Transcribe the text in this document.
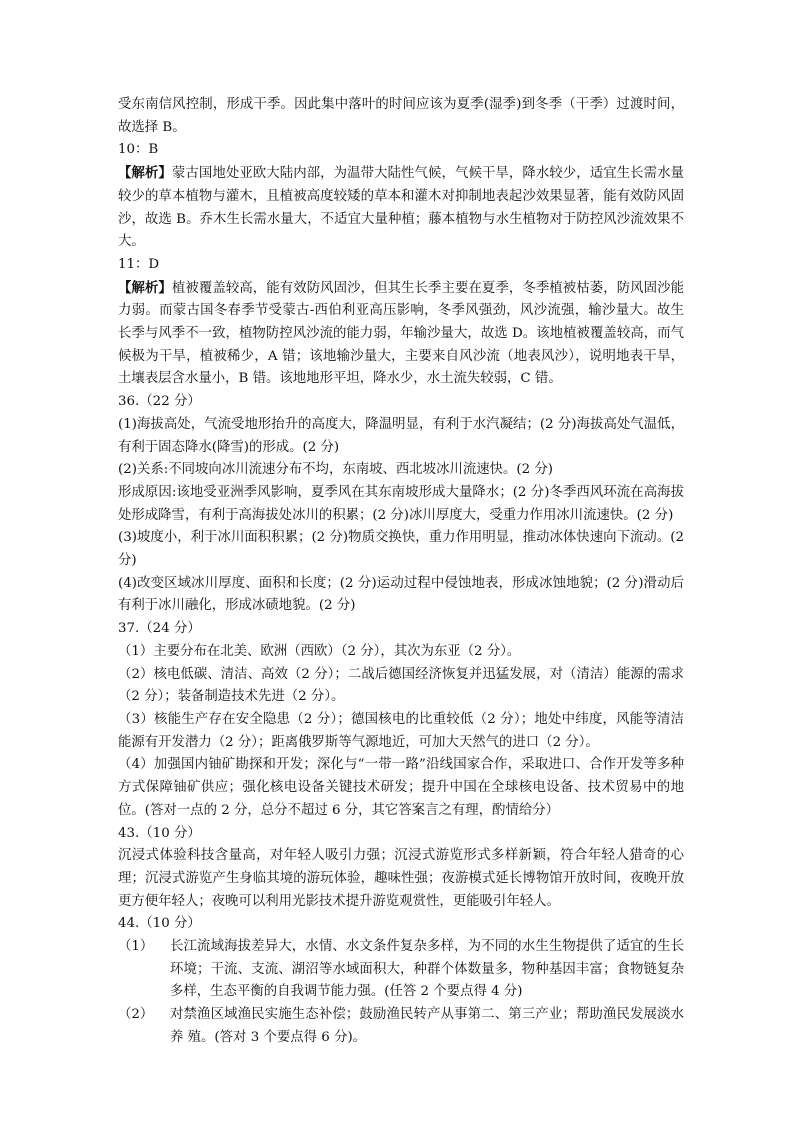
受东南信风控制，形成干季。因此集中落叶的时间应该为夏季(湿季)到冬季（干季）过渡时间，故选择 B。

10：B

【解析】蒙古国地处亚欧大陆内部，为温带大陆性气候，气候干旱，降水较少，适宜生长需水量较少的草本植物与灌木，且植被高度较矮的草本和灌木对抑制地表起沙效果显著，能有效防风固沙，故选 B。乔木生长需水量大，不适宜大量种植；藤本植物与水生植物对于防控风沙流效果不大。

11：D

【解析】植被覆盖较高，能有效防风固沙，但其生长季主要在夏季，冬季植被枯萎，防风固沙能力弱。而蒙古国冬春季节受蒙古-西伯利亚高压影响，冬季风强劲，风沙流强，输沙量大。故生长季与风季不一致，植物防控风沙流的能力弱，年输沙量大，故选 D。该地植被覆盖较高，而气候极为干旱，植被稀少，A 错；该地输沙量大，主要来自风沙流（地表风沙），说明地表干旱，土壤表层含水量小，B 错。该地地形平坦，降水少，水土流失较弱，C 错。

36.（22 分）

(1)海拔高处，气流受地形抬升的高度大，降温明显，有利于水汽凝结；(2 分)海拔高处气温低，有利于固态降水(降雪)的形成。(2 分)

(2)关系:不同坡向冰川流速分布不均，东南坡、西北坡冰川流速快。(2 分)

形成原因:该地受亚洲季风影响，夏季风在其东南坡形成大量降水；(2 分)冬季西风环流在高海拔处形成降雪，有利于高海拔处冰川的积累；(2 分)冰川厚度大，受重力作用冰川流速快。(2 分)

(3)坡度小，利于冰川面积积累；(2 分)物质交换快，重力作用明显，推动冰体快速向下流动。(2 分)

(4)改变区域冰川厚度、面积和长度；(2 分)运动过程中侵蚀地表，形成冰蚀地貌；(2 分)滑动后有利于冰川融化，形成冰碛地貌。(2 分)

37.（24 分）

（1）主要分布在北美、欧洲（西欧）（2 分），其次为东亚（2 分）。

（2）核电低碳、清洁、高效（2 分）；二战后德国经济恢复并迅猛发展，对（清洁）能源的需求（2 分）；装备制造技术先进（2 分）。

（3）核能生产存在安全隐患（2 分）；德国核电的比重较低（2 分）；地处中纬度，风能等清洁能源有开发潜力（2 分）；距离俄罗斯等气源地近，可加大天然气的进口（2 分）。

（4）加强国内铀矿勘探和开发；深化与“一带一路”沿线国家合作，采取进口、合作开发等多种方式保障铀矿供应；强化核电设备关键技术研发；提升中国在全球核电设备、技术贸易中的地位。(答对一点的 2 分，总分不超过 6 分，其它答案言之有理，酌情给分）

43.（10 分）

沉浸式体验科技含量高，对年轻人吸引力强；沉浸式游览形式多样新颖，符合年轻人猎奇的心理；沉浸式游览产生身临其境的游玩体验，趣味性强；夜游模式延长博物馆开放时间，夜晚开放更方便年轻人；夜晚可以利用光影技术提升游览观赏性，更能吸引年轻人。

44.（10 分）

（1）	长江流域海拔差异大，水情、水文条件复杂多样，为不同的水生生物提供了适宜的生长环境；干流、支流、湖沼等水域面积大，种群个体数量多，物种基因丰富；食物链复杂多样，生态平衡的自我调节能力强。(任答 2 个要点得 4 分)
（2）	对禁渔区域渔民实施生态补偿；鼓励渔民转产从事第二、第三产业；帮助渔民发展淡水养 殖。(答对 3 个要点得 6 分)。
